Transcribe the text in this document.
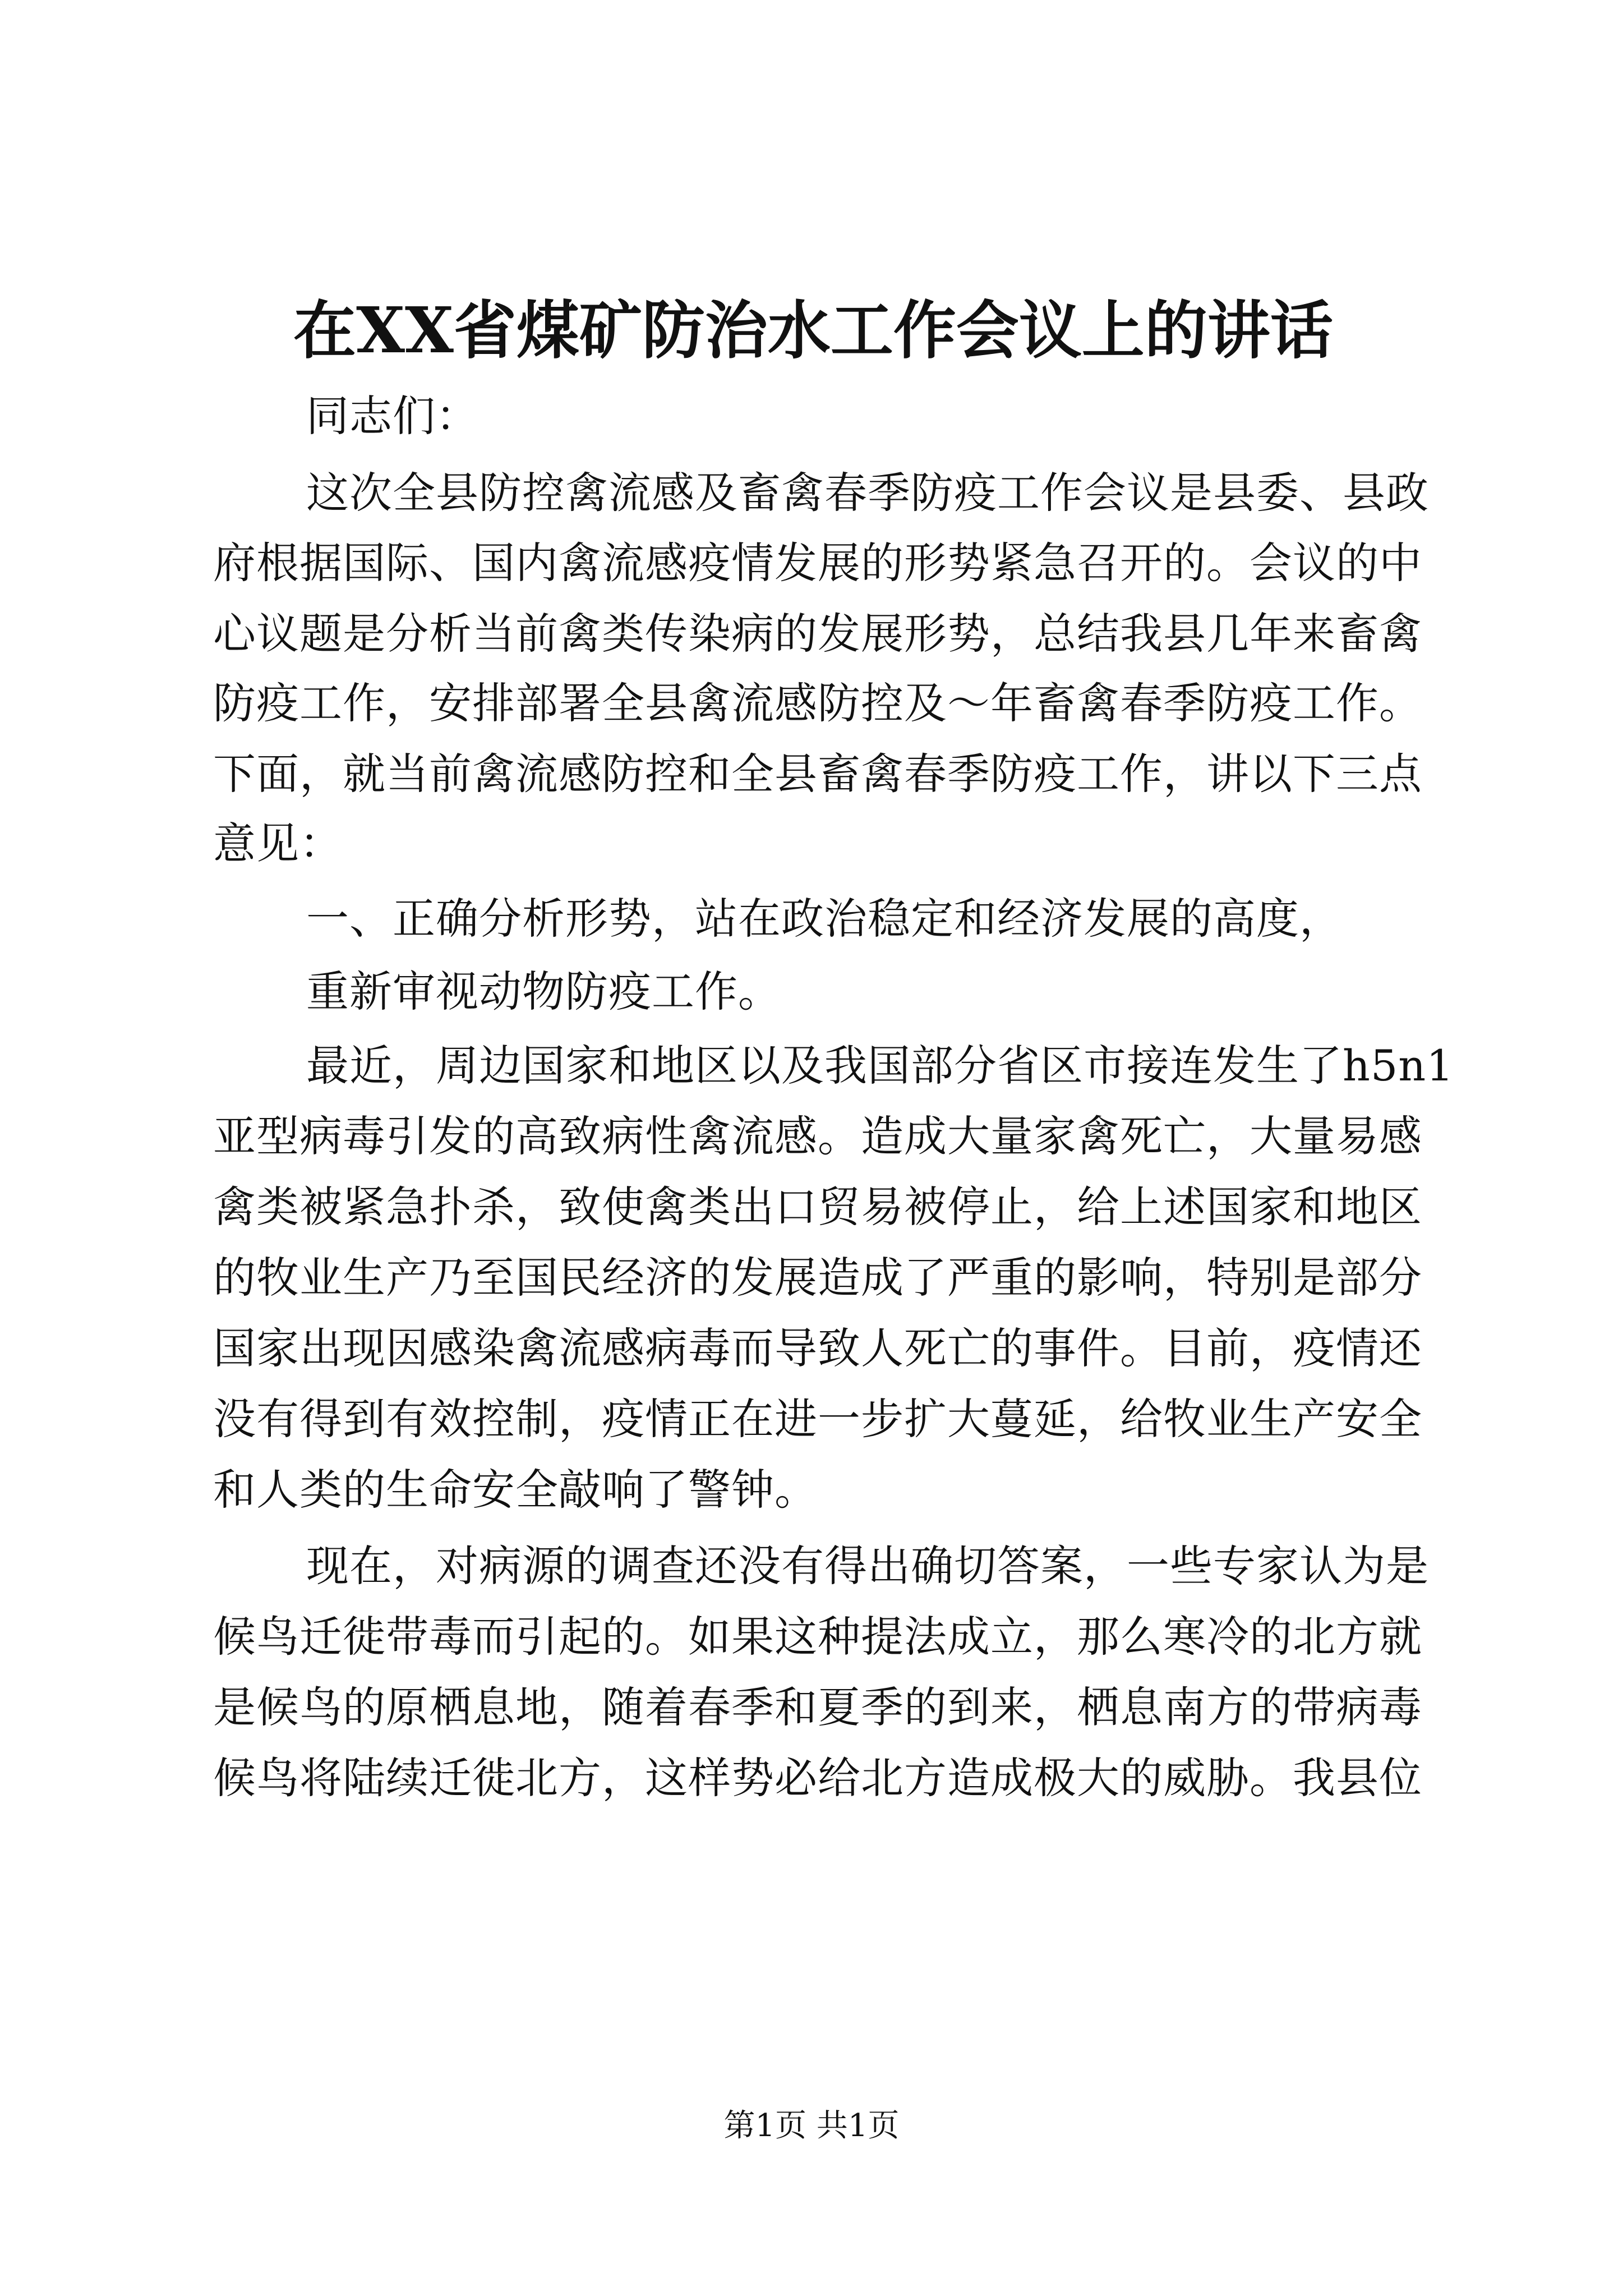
在XX省煤矿防治水工作会议上的讲话
同志们：
这次全县防控禽流感及畜禽春季防疫工作会议是县委、县政
府根据国际、国内禽流感疫情发展的形势紧急召开的。会议的中
心议题是分析当前禽类传染病的发展形势，总结我县几年来畜禽
防疫工作，安排部署全县禽流感防控及～年畜禽春季防疫工作。
下面，就当前禽流感防控和全县畜禽春季防疫工作，讲以下三点
意见：
一、正确分析形势，站在政治稳定和经济发展的高度，
重新审视动物防疫工作。
最近，周边国家和地区以及我国部分省区市接连发生了h5n1
亚型病毒引发的高致病性禽流感。造成大量家禽死亡，大量易感
禽类被紧急扑杀，致使禽类出口贸易被停止，给上述国家和地区
的牧业生产乃至国民经济的发展造成了严重的影响，特别是部分
国家出现因感染禽流感病毒而导致人死亡的事件。目前，疫情还
没有得到有效控制，疫情正在进一步扩大蔓延，给牧业生产安全
和人类的生命安全敲响了警钟。
现在，对病源的调查还没有得出确切答案，一些专家认为是
候鸟迁徙带毒而引起的。如果这种提法成立，那么寒冷的北方就
是候鸟的原栖息地，随着春季和夏季的到来，栖息南方的带病毒
候鸟将陆续迁徙北方，这样势必给北方造成极大的威胁。我县位
第1页 共1页
